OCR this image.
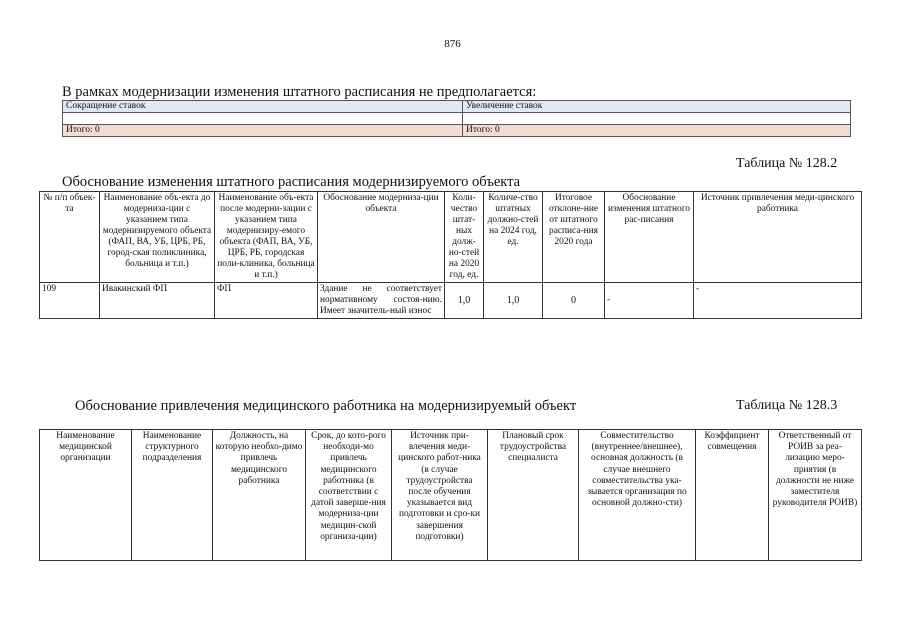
876
В рамках модернизации изменения штатного расписания не предполагается:
Сокращение ставок	Увеличение ставок

Итого: 0	Итого: 0
Таблица № 128.2
Обоснование изменения штатного расписания модернизируемого объекта
№ п/п объек-та	Наименование объ-екта до модерниза-ции с указанием типа модернизируемого объекта (ФАП, ВА, УБ, ЦРБ, РБ, город-ская поликлиника, больница и т.п.)	Наименование объ-екта после модерни-зации с указанием типа модернизиру-емого объекта (ФАП, ВА, УБ, ЦРБ, РБ, городская поли-клиника, больница и т.п.)	Обоснование модерниза-ции объекта	Коли-чество штат-ных долж-но-стей на 2020 год, ед.	Количе-ство штатных должно-стей на 2024 год, ед.	Итоговое отклоне-ние от штатного расписа-ния 2020 года	Обоснование изменения штатного рас-писания	Источник привлечения меди-цинского работника
109	Ивакинский ФП	ФП	Здание не соответствует нормативному состоя-нию. Имеет значитель-ный износ	1,0	1,0	0	-	-
Обоснование привлечения медицинского работника на модернизируемый объект	Таблица № 128.3
Наименование медицинской организации	Наименование структурного подразделения	Должность, на которую необхо-димо привлечь медицинского работника	Срок, до кото-рого необходи-мо привлечь медицинского работника (в соответствии с датой заверше-ния модерниза-ции медицин-ской организа-ции)	Источник при-влечения меди-цинского работ-ника (в случае трудоустройства после обучения указывается вид подготовки и сро-ки завершения подготовки)	Плановый срок трудоустройства специалиста	Совместительство (внутреннее/внешнее), основная должность (в случае внешнего совместительства ука-зывается организация по основной должно-сти)	Коэффициент совмещения	Ответственный от РОИВ за реа-лизацию меро-приятия (в должности не ниже заместителя руководителя РОИВ)
